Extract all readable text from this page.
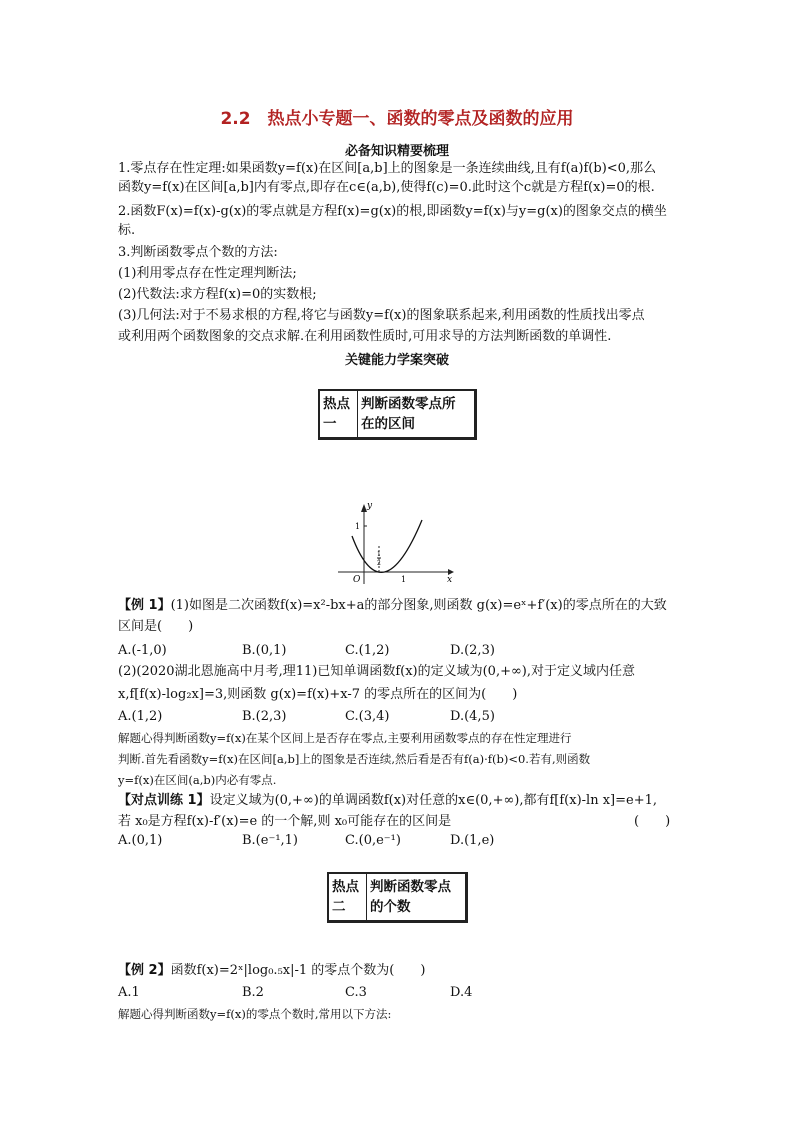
2.2　热点小专题一、函数的零点及函数的应用
必备知识精要梳理
1.零点存在性定理:如果函数y=f(x)在区间[a,b]上的图象是一条连续曲线,且有f(a)f(b)<0,那么
函数y=f(x)在区间[a,b]内有零点,即存在c∈(a,b),使得f(c)=0.此时这个c就是方程f(x)=0的根.
2.函数F(x)=f(x)-g(x)的零点就是方程f(x)=g(x)的根,即函数y=f(x)与y=g(x)的图象交点的横坐
标.
3.判断函数零点个数的方法:
(1)利用零点存在性定理判断法;
(2)代数法:求方程f(x)=0的实数根;
(3)几何法:对于不易求根的方程,将它与函数y=f(x)的图象联系起来,利用函数的性质找出零点
或利用两个函数图象的交点求解.在利用函数性质时,可用求导的方法判断函数的单调性.
关键能力学案突破
热点
一
判断函数零点所
在的区间
y
x
O
1
1
1
2
【例 1】(1)如图是二次函数f(x)=x²-bx+a的部分图象,则函数 g(x)=eˣ+f′(x)的零点所在的大致
区间是(　　)
A.(-1,0)	B.(0,1)	C.(1,2)	D.(2,3)
(2)(2020湖北恩施高中月考,理11)已知单调函数f(x)的定义域为(0,+∞),对于定义域内任意
x,f[f(x)-log₂x]=3,则函数 g(x)=f(x)+x-7 的零点所在的区间为(　　)
A.(1,2)	B.(2,3)	C.(3,4)	D.(4,5)
解题心得判断函数y=f(x)在某个区间上是否存在零点,主要利用函数零点的存在性定理进行
判断.首先看函数y=f(x)在区间[a,b]上的图象是否连续,然后看是否有f(a)·f(b)<0.若有,则函数
y=f(x)在区间(a,b)内必有零点.
【对点训练 1】设定义域为(0,+∞)的单调函数f(x)对任意的x∈(0,+∞),都有f[f(x)-ln x]=e+1,
若 x₀是方程f(x)-f′(x)=e 的一个解,则 x₀可能存在的区间是	(　　)
A.(0,1)	B.(e⁻¹,1)	C.(0,e⁻¹)	D.(1,e)
热点
二
判断函数零点
的个数
【例 2】函数f(x)=2ˣ|log₀.₅x|-1 的零点个数为(　　)
A.1	B.2	C.3	D.4
解题心得判断函数y=f(x)的零点个数时,常用以下方法:
